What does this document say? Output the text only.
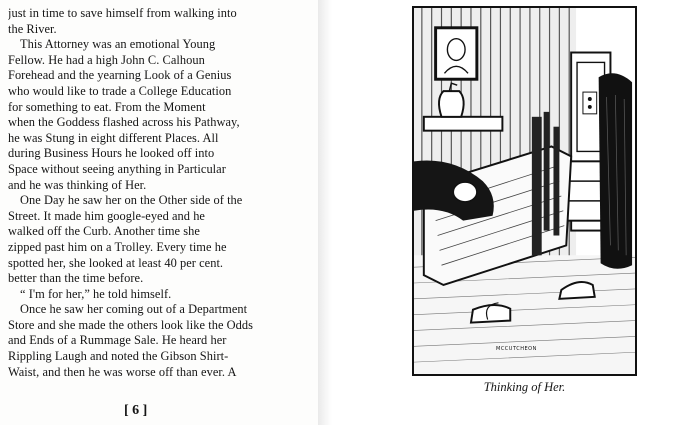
just in time to save himself from walking into
the River.

This Attorney was an emotional Young

Fellow. He had a high John C. Calhoun
Forehead and the yearning Look of a Genius
who would like to trade a College Education
for something to eat. From the Moment
when the Goddess flashed across his Pathway,
he was Stung in eight different Places. All
during Business Hours he looked off into
Space without seeing anything in Particular
and he was thinking of Her.

One Day he saw her on the Other side of the

Street. It made him google-eyed and he
walked off the Curb. Another time she
zipped past him on a Trolley. Every time he
spotted her, she looked at least 40 per cent.
better than the time before.

“ I'm for her,” he told himself.

Once he saw her coming out of a Department

Store and she made the others look like the Odds
and Ends of a Rummage Sale. He heard her
Rippling Laugh and noted the Gibson Shirt-
Waist, and then he was worse off than ever. A

[ 6 ]
MCCUTCHEON
Thinking of Her.
